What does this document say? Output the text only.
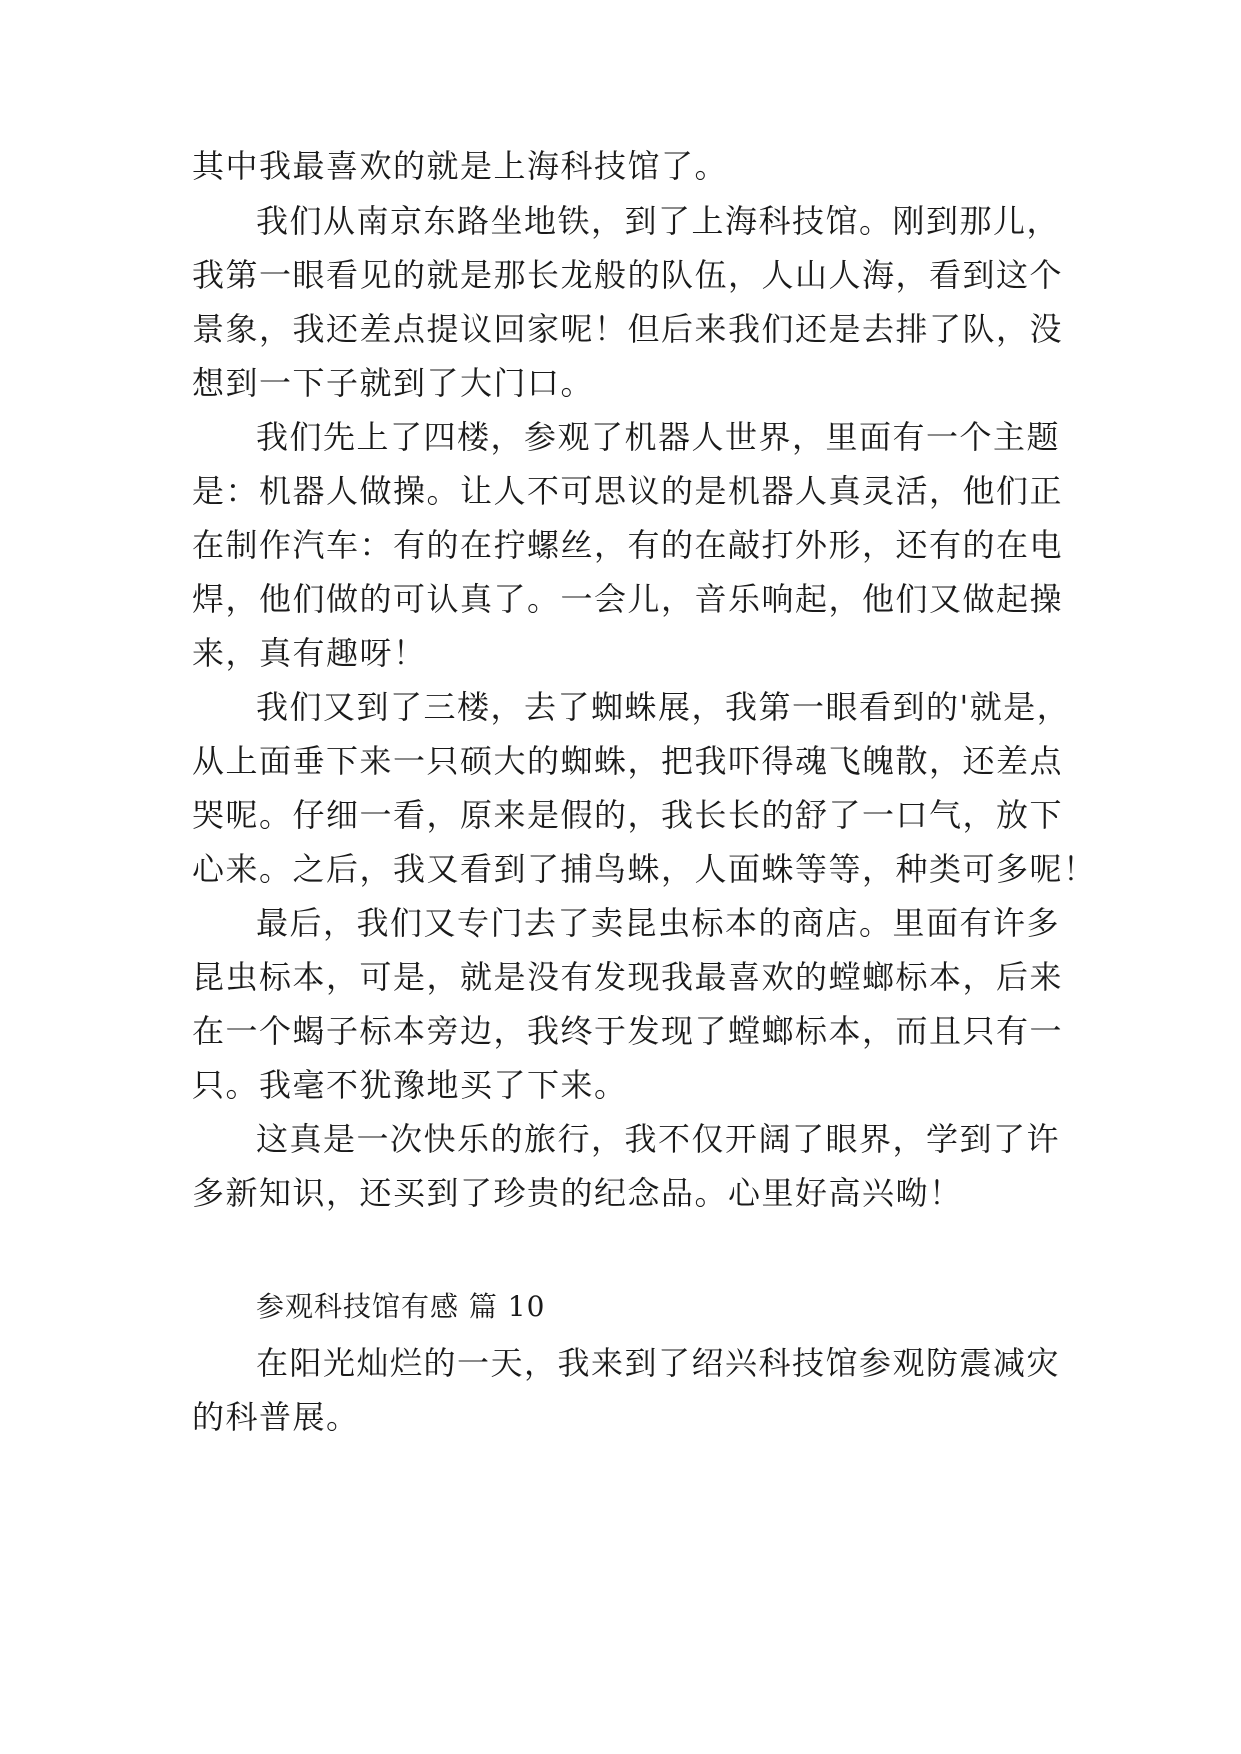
其中我最喜欢的就是上海科技馆了。
我们从南京东路坐地铁，到了上海科技馆。刚到那儿，
我第一眼看见的就是那长龙般的队伍，人山人海，看到这个
景象，我还差点提议回家呢！但后来我们还是去排了队，没
想到一下子就到了大门口。
我们先上了四楼，参观了机器人世界，里面有一个主题
是：机器人做操。让人不可思议的是机器人真灵活，他们正
在制作汽车：有的在拧螺丝，有的在敲打外形，还有的在电
焊，他们做的可认真了。一会儿，音乐响起，他们又做起操
来，真有趣呀！
我们又到了三楼，去了蜘蛛展，我第一眼看到的'就是，
从上面垂下来一只硕大的蜘蛛，把我吓得魂飞魄散，还差点
哭呢。仔细一看，原来是假的，我长长的舒了一口气，放下
心来。之后，我又看到了捕鸟蛛，人面蛛等等，种类可多呢！
最后，我们又专门去了卖昆虫标本的商店。里面有许多
昆虫标本，可是，就是没有发现我最喜欢的螳螂标本，后来
在一个蝎子标本旁边，我终于发现了螳螂标本，而且只有一
只。我毫不犹豫地买了下来。
这真是一次快乐的旅行，我不仅开阔了眼界，学到了许
多新知识，还买到了珍贵的纪念品。心里好高兴呦！
参观科技馆有感 篇 10
在阳光灿烂的一天，我来到了绍兴科技馆参观防震减灾
的科普展。
